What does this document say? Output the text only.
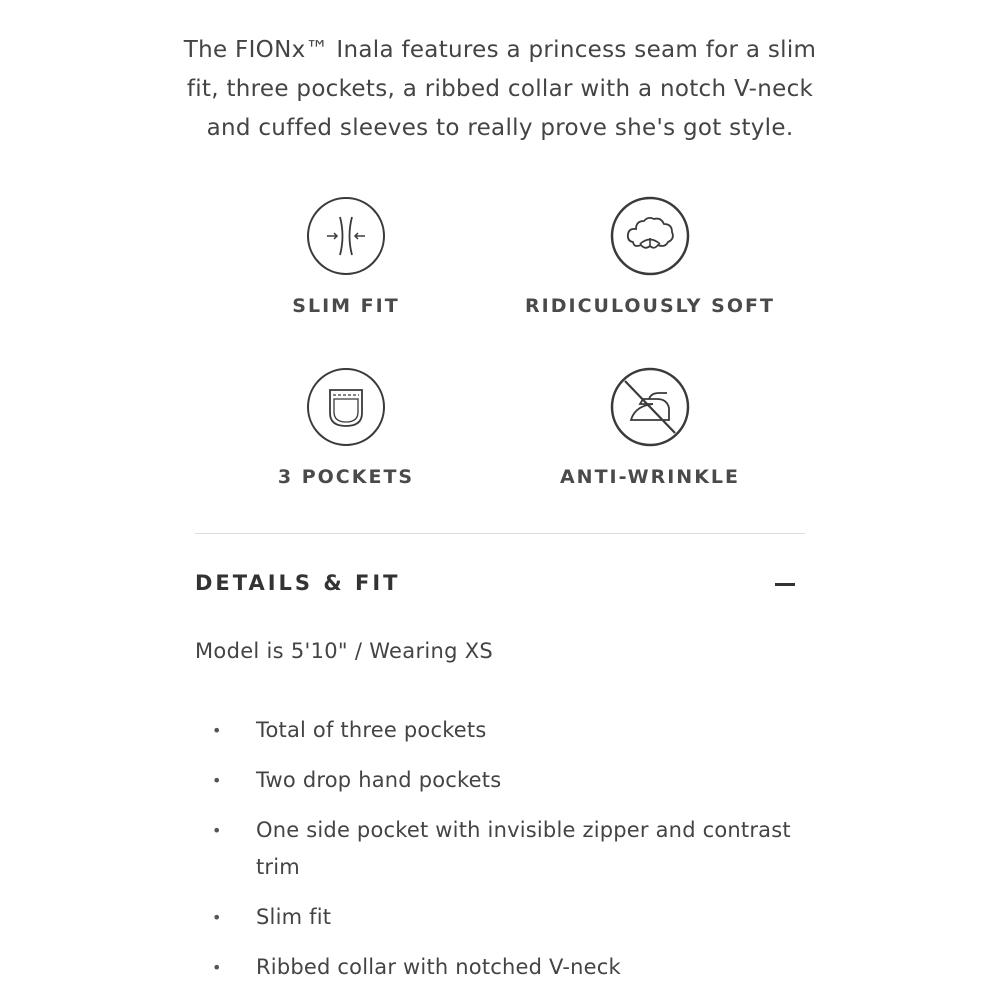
The FIONx™ Inala features a princess seam for a slim fit, three pockets, a ribbed collar with a notch V-neck and cuffed sleeves to really prove she's got style.

SLIM FIT	RIDICULOUSLY SOFT
3 POCKETS	ANTI-WRINKLE
DETAILS & FIT
Model is 5'10" / Wearing XS
• Total of three pockets
• Two drop hand pockets
• One side pocket with invisible zipper and contrast trim
• Slim fit
• Ribbed collar with notched V-neck
